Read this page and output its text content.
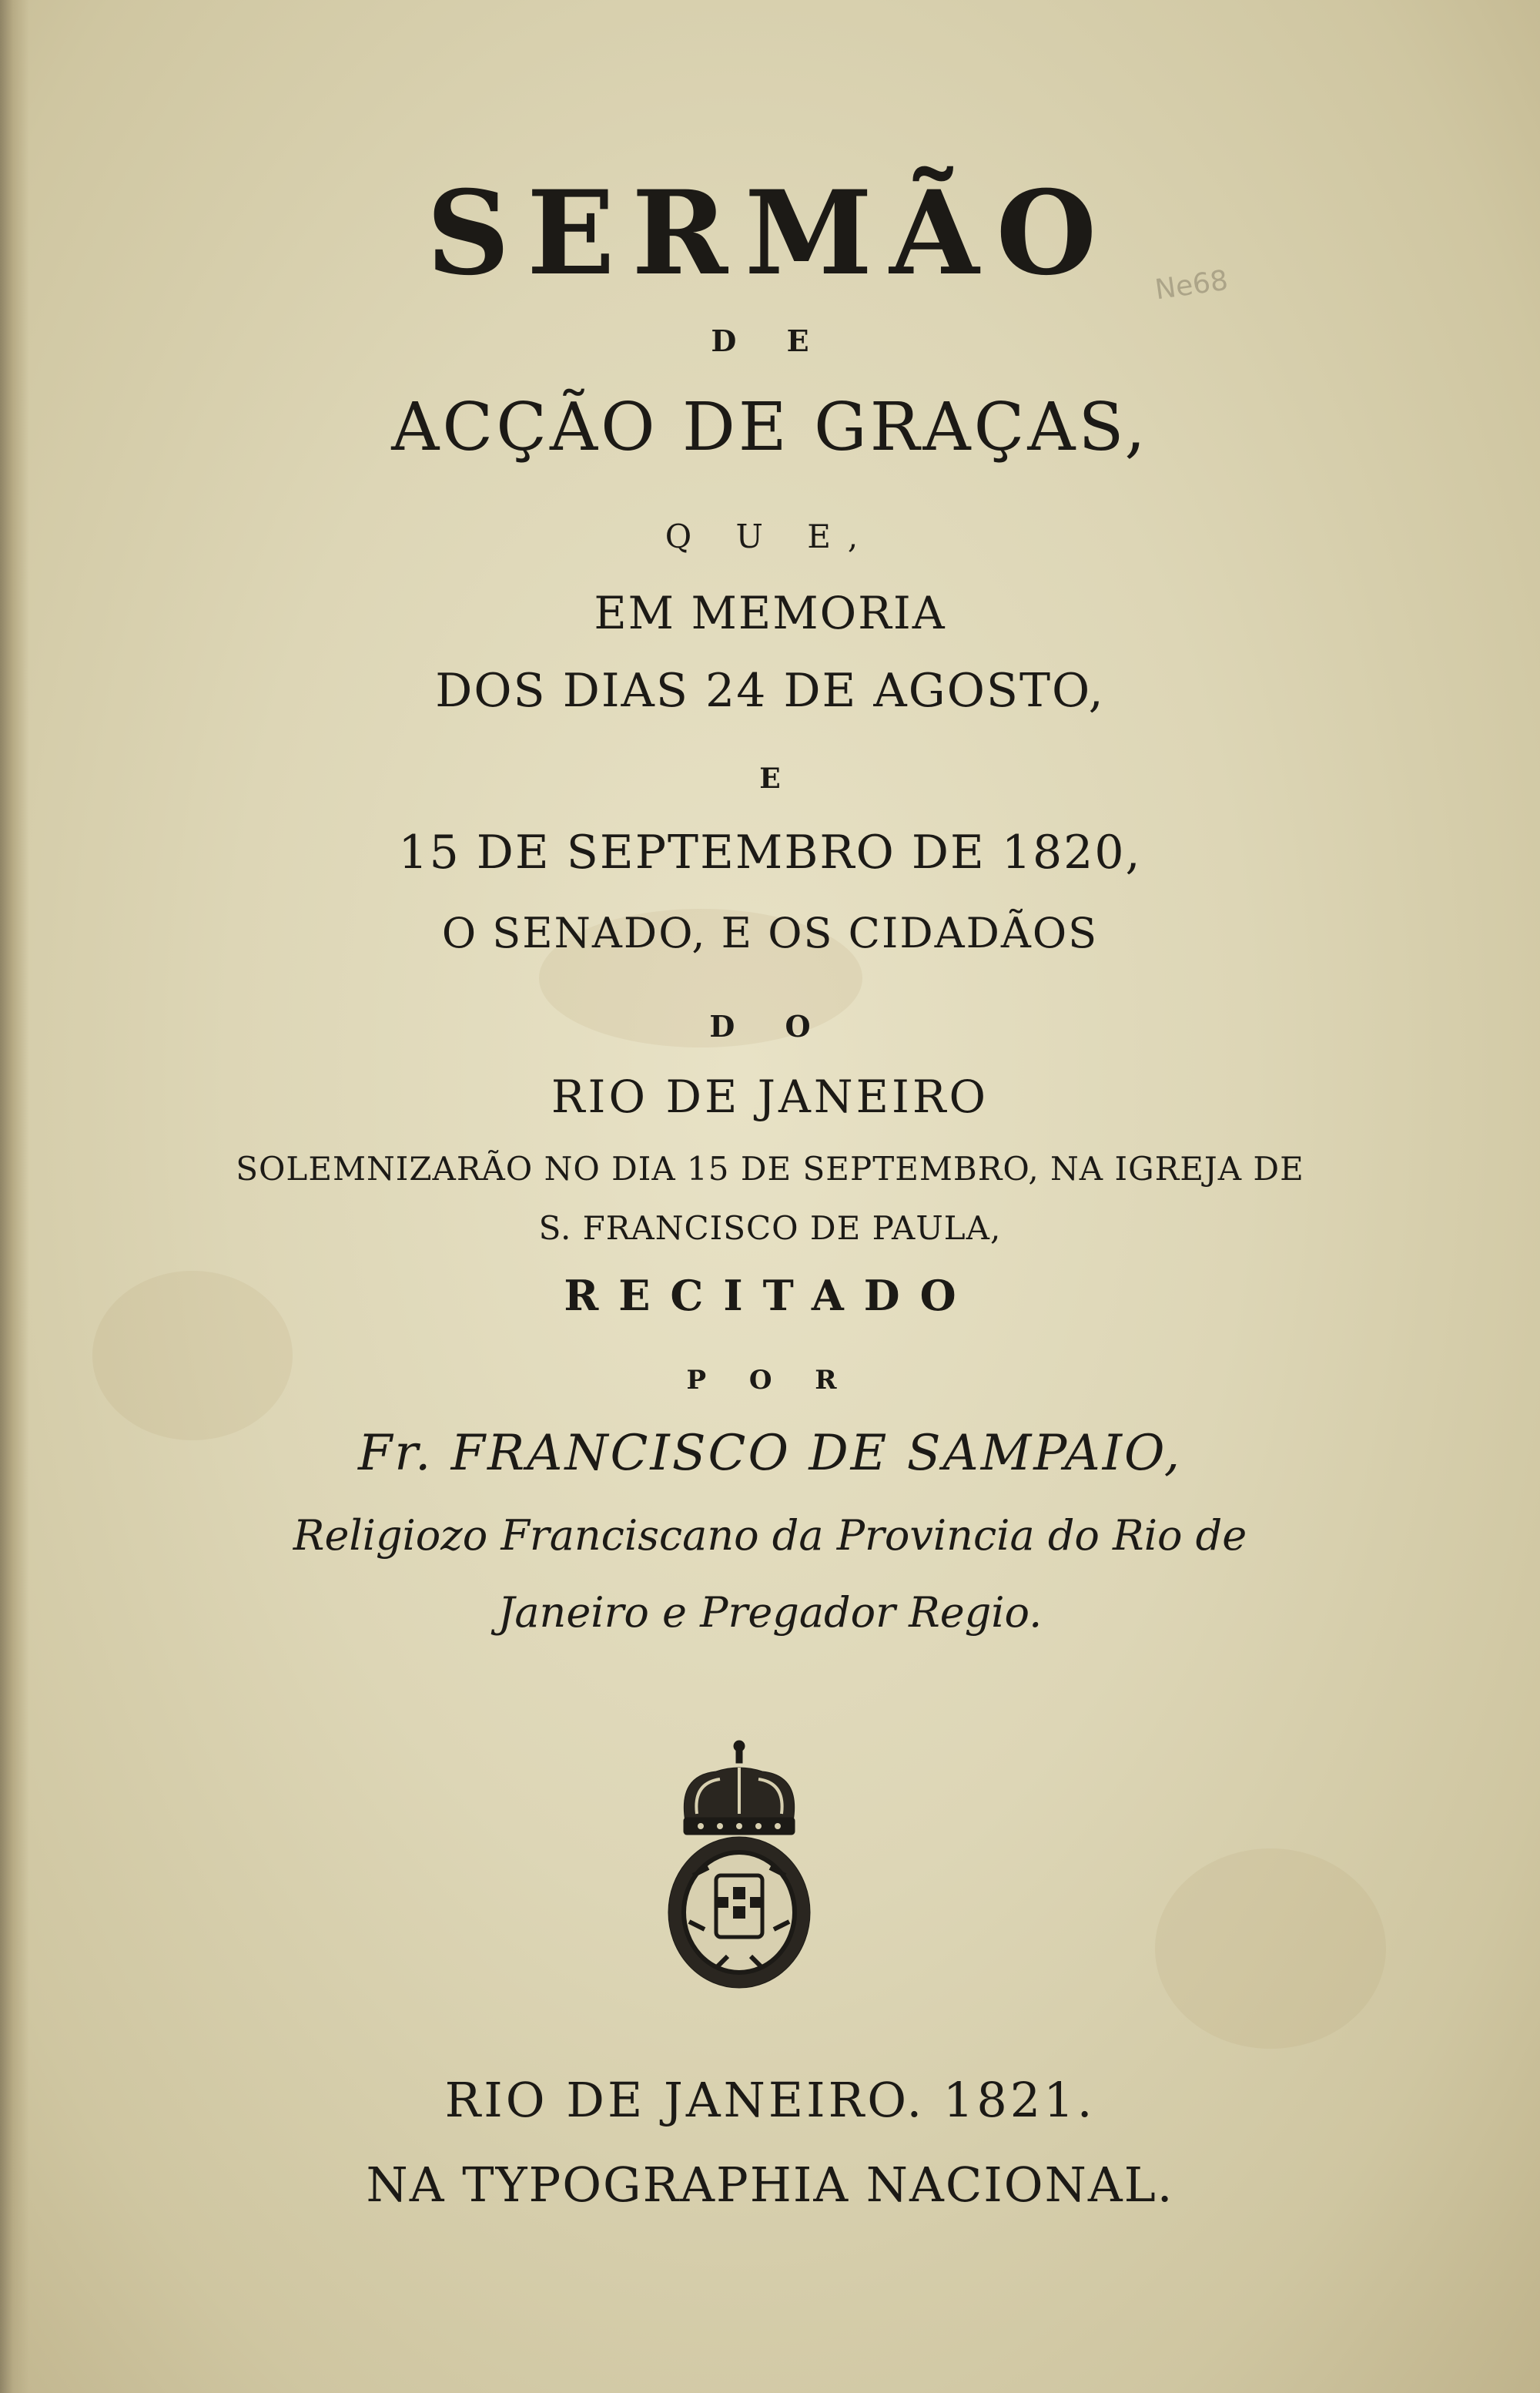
Ne68
SERMÃO
D E
ACÇÃO DE GRAÇAS,
Q U E,
EM MEMORIA
DOS DIAS 24 DE AGOSTO,
E
15 DE SEPTEMBRO DE 1820,
O SENADO, E OS CIDADÃOS
D O
RIO DE JANEIRO
SOLEMNIZARÃO NO DIA 15 DE SEPTEMBRO, NA IGREJA DE
S. FRANCISCO DE PAULA,
RECITADO
P O R
Fr. FRANCISCO DE SAMPAIO,
Religiozo Franciscano da Provincia do Rio de
Janeiro e Pregador Regio.
RIO DE JANEIRO. 1821.
NA TYPOGRAPHIA NACIONAL.
